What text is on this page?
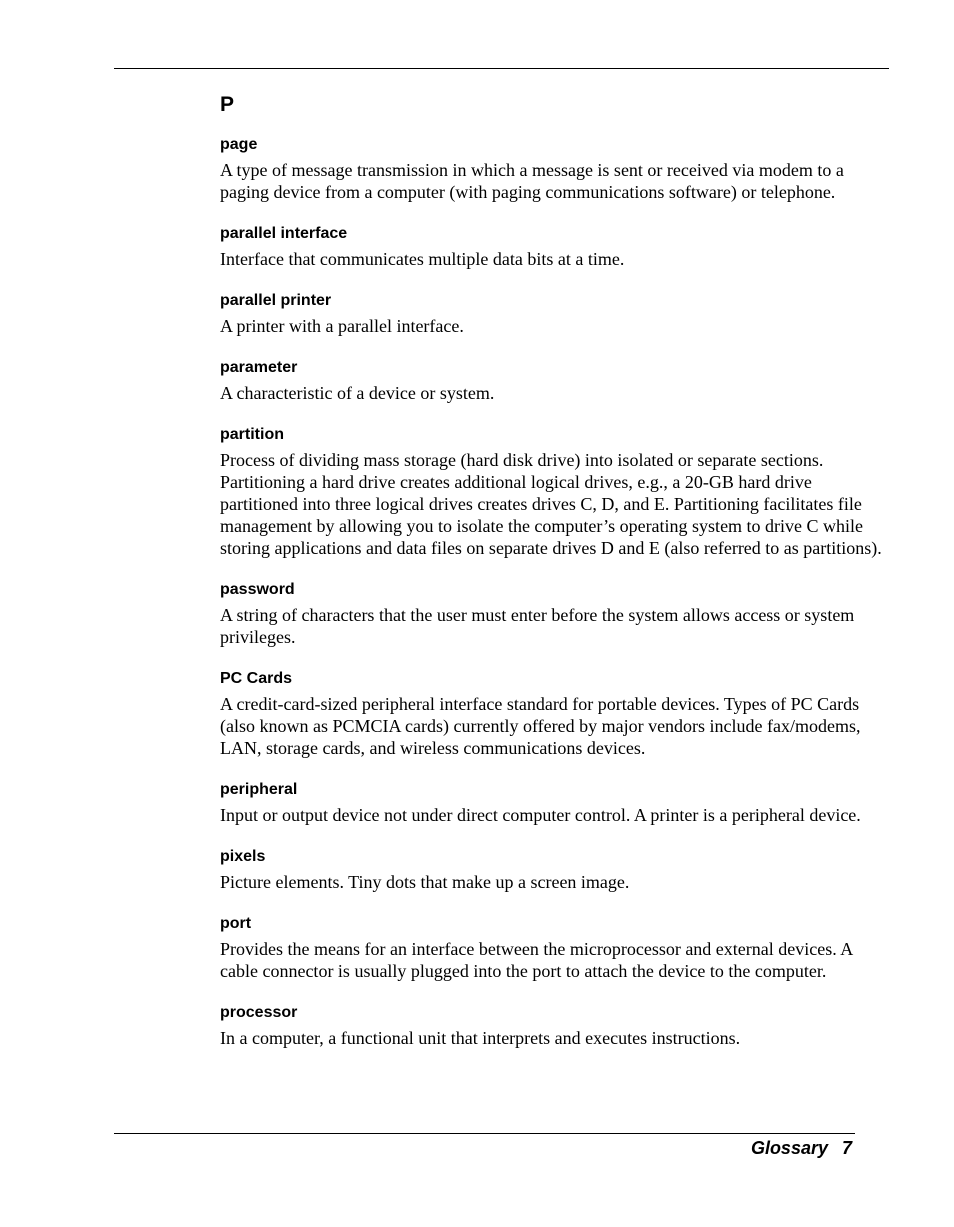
P
page

A type of message transmission in which a message is sent or received via modem to a paging device from a computer (with paging communications software) or telephone.

parallel interface

Interface that communicates multiple data bits at a time.

parallel printer

A printer with a parallel interface.

parameter

A characteristic of a device or system.

partition

Process of dividing mass storage (hard disk drive) into isolated or separate sections. Partitioning a hard drive creates additional logical drives, e.g., a 20-GB hard drive partitioned into three logical drives creates drives C, D, and E. Partitioning facilitates file management by allowing you to isolate the computer’s operating system to drive C while storing applications and data files on separate drives D and E (also referred to as partitions).

password

A string of characters that the user must enter before the system allows access or system privileges.

PC Cards

A credit-card-sized peripheral interface standard for portable devices. Types of PC Cards (also known as PCMCIA cards) currently offered by major vendors include fax/modems, LAN, storage cards, and wireless communications devices.

peripheral

Input or output device not under direct computer control. A printer is a peripheral device.

pixels

Picture elements. Tiny dots that make up a screen image.

port

Provides the means for an interface between the microprocessor and external devices. A cable connector is usually plugged into the port to attach the device to the computer.

processor

In a computer, a functional unit that interprets and executes instructions.

Glossary 7
